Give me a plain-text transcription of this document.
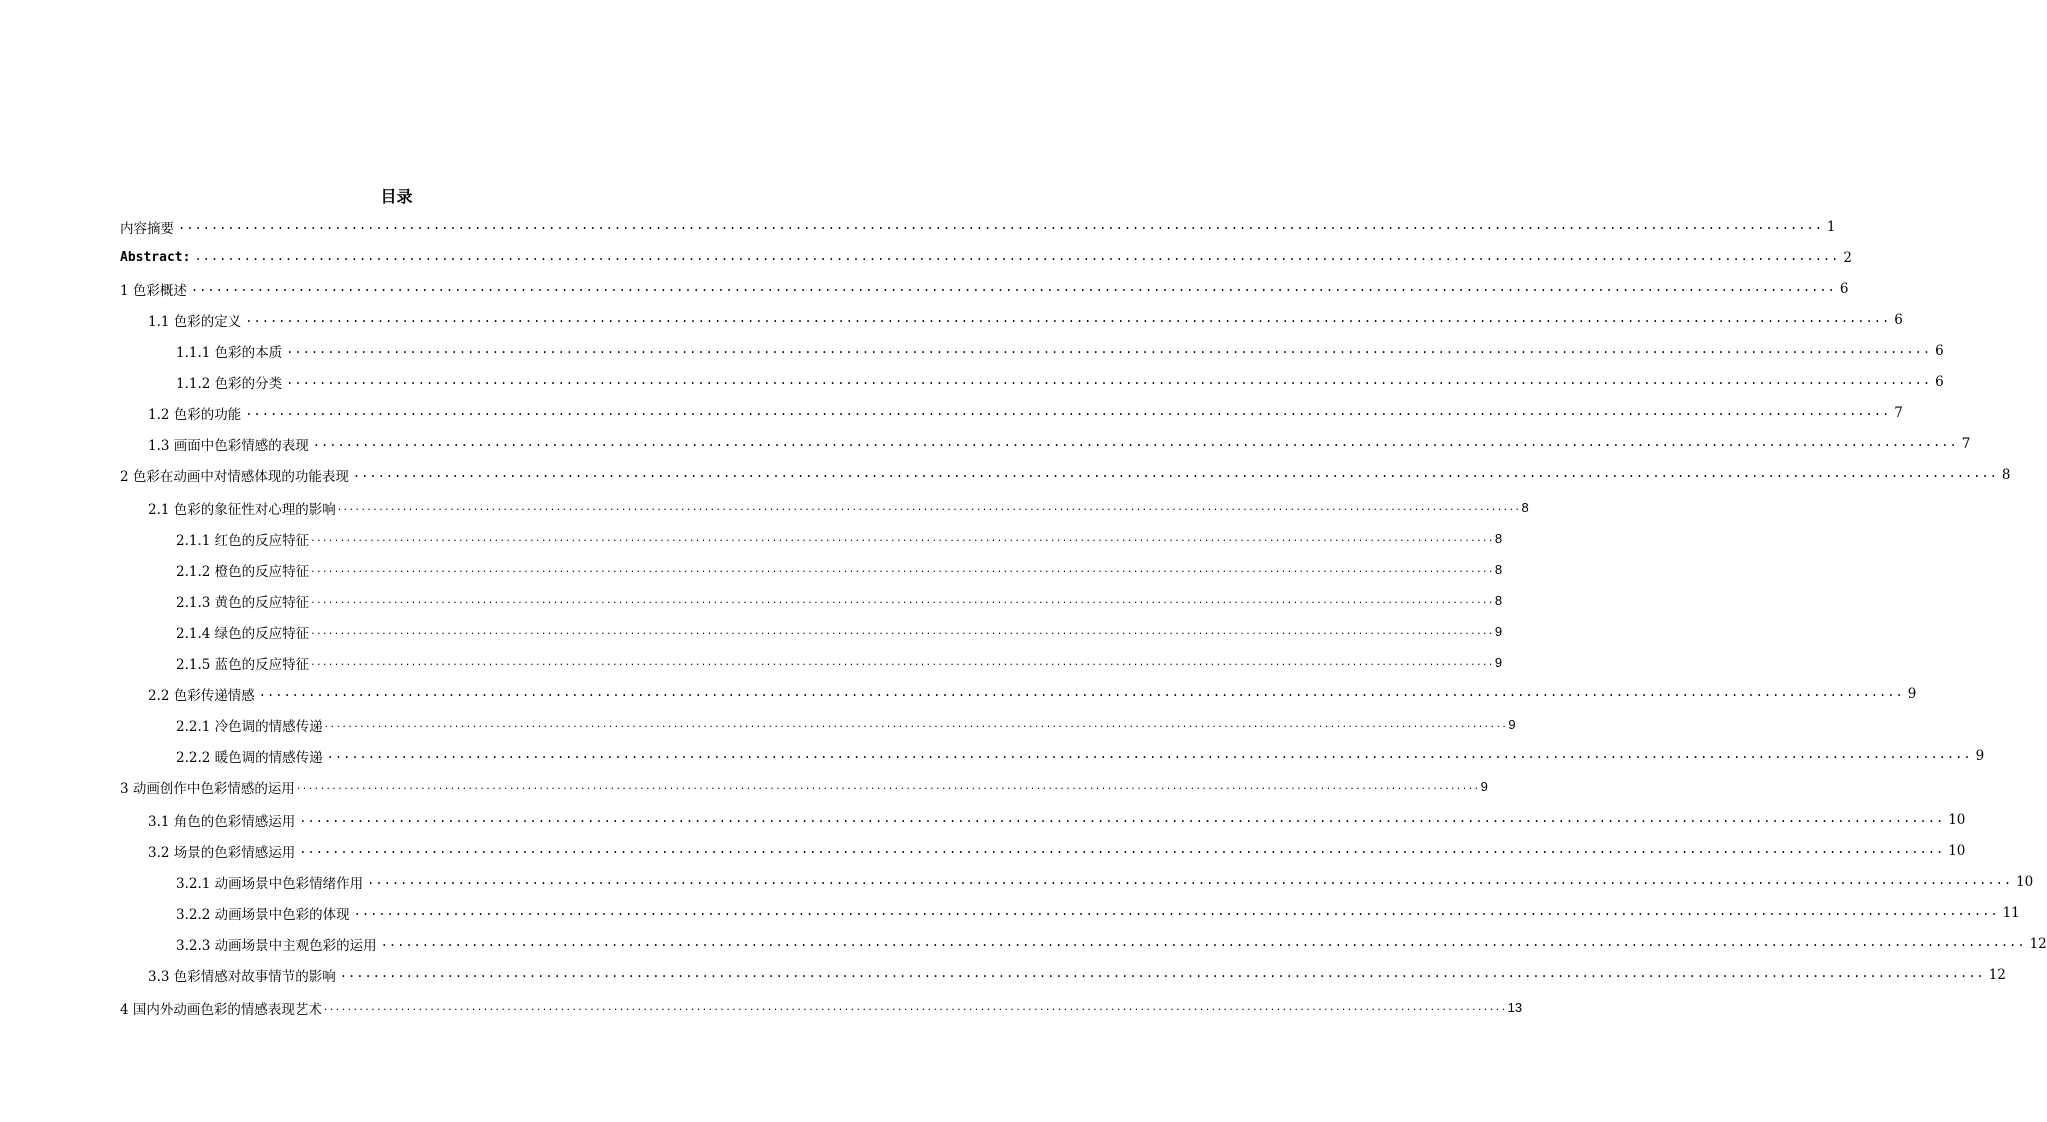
目录
内容摘要 ........................................................................................................................................................................................................ 1
Abstract: ........................................................................................................................................................................................................ 2
1 色彩概述 ........................................................................................................................................................................................................ 6
1.1 色彩的定义 ........................................................................................................................................................................................................ 6
1.1.1 色彩的本质 ........................................................................................................................................................................................................ 6
1.1.2 色彩的分类 ........................................................................................................................................................................................................ 6
1.2 色彩的功能 ........................................................................................................................................................................................................ 7
1.3 画面中色彩情感的表现 ........................................................................................................................................................................................................ 7
2 色彩在动画中对情感体现的功能表现 ........................................................................................................................................................................................................ 8
2.1 色彩的象征性对心理的影响 ........................................................................................................................................................................................................ 8
2.1.1 红色的反应特征 ........................................................................................................................................................................................................ 8
2.1.2 橙色的反应特征 ........................................................................................................................................................................................................ 8
2.1.3 黄色的反应特征 ........................................................................................................................................................................................................ 8
2.1.4 绿色的反应特征 ........................................................................................................................................................................................................ 9
2.1.5 蓝色的反应特征 ........................................................................................................................................................................................................ 9
2.2 色彩传递情感 ........................................................................................................................................................................................................ 9
2.2.1 冷色调的情感传递 ........................................................................................................................................................................................................ 9
2.2.2 暖色调的情感传递 ........................................................................................................................................................................................................ 9
3 动画创作中色彩情感的运用 ........................................................................................................................................................................................................ 9
3.1 角色的色彩情感运用 ........................................................................................................................................................................................................ 10
3.2 场景的色彩情感运用 ........................................................................................................................................................................................................ 10
3.2.1 动画场景中色彩情绪作用 ........................................................................................................................................................................................................ 10
3.2.2 动画场景中色彩的体现 ........................................................................................................................................................................................................ 11
3.2.3 动画场景中主观色彩的运用 ........................................................................................................................................................................................................ 12
3.3 色彩情感对故事情节的影响 ........................................................................................................................................................................................................ 12
4 国内外动画色彩的情感表现艺术 ........................................................................................................................................................................................................ 13
